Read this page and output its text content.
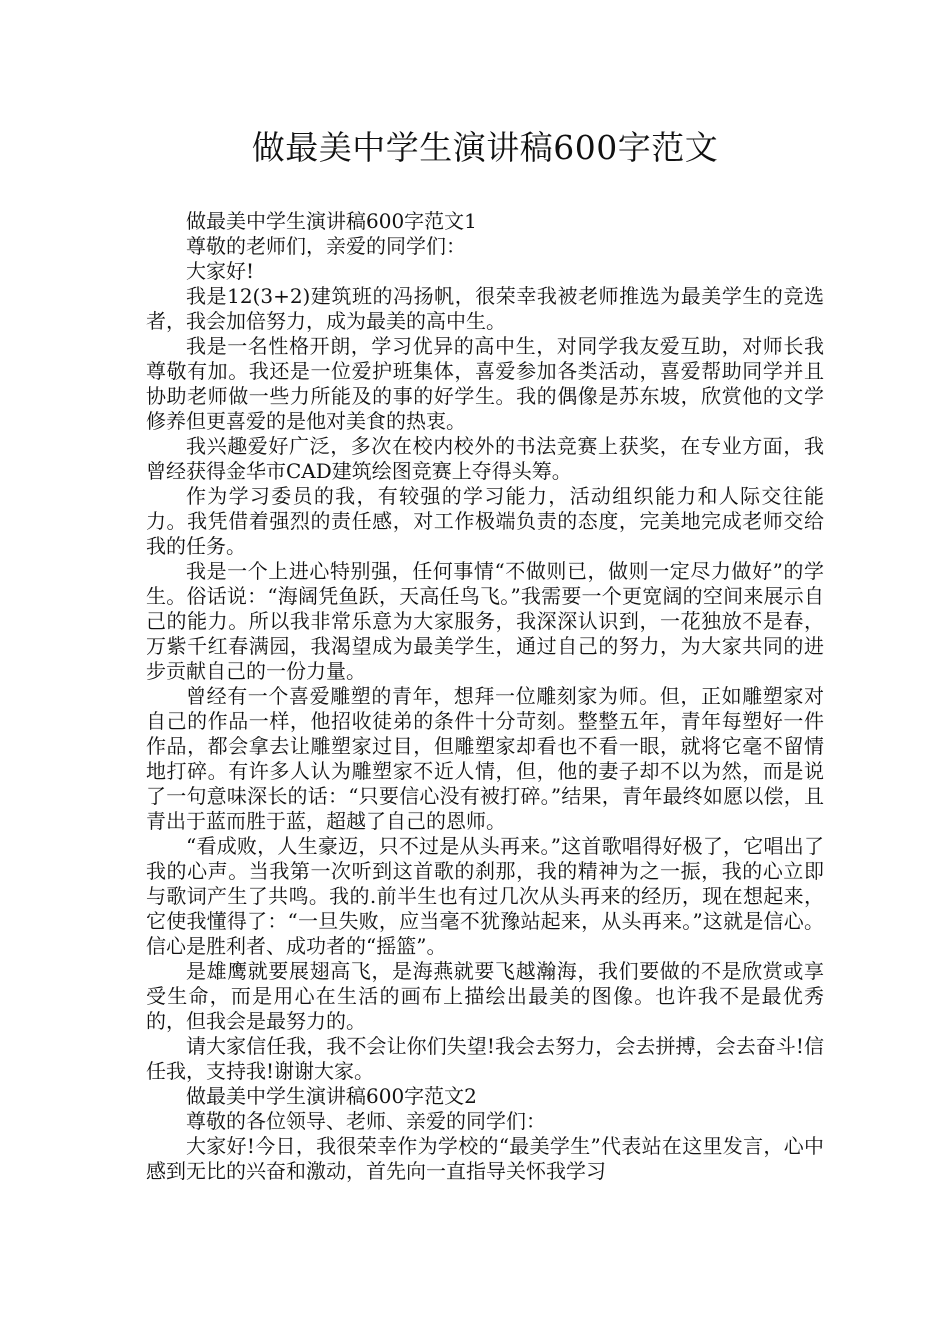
做最美中学生演讲稿600字范文

做最美中学生演讲稿600字范文1

尊敬的老师们，亲爱的同学们：

大家好!

我是12(3+2)建筑班的冯扬帆，很荣幸我被老师推选为最美学生的竞选者，我会加倍努力，成为最美的高中生。

我是一名性格开朗，学习优异的高中生，对同学我友爱互助，对师长我尊敬有加。我还是一位爱护班集体，喜爱参加各类活动，喜爱帮助同学并且协助老师做一些力所能及的事的好学生。我的偶像是苏东坡，欣赏他的文学修养但更喜爱的是他对美食的热衷。

我兴趣爱好广泛，多次在校内校外的书法竞赛上获奖，在专业方面，我曾经获得金华市CAD建筑绘图竞赛上夺得头筹。

作为学习委员的我，有较强的学习能力，活动组织能力和人际交往能力。我凭借着强烈的责任感，对工作极端负责的态度，完美地完成老师交给我的任务。

我是一个上进心特别强，任何事情“不做则已，做则一定尽力做好”的学生。俗话说：“海阔凭鱼跃，天高任鸟飞。”我需要一个更宽阔的空间来展示自己的能力。所以我非常乐意为大家服务，我深深认识到，一花独放不是春，万紫千红春满园，我渴望成为最美学生，通过自己的努力，为大家共同的进步贡献自己的一份力量。

曾经有一个喜爱雕塑的青年，想拜一位雕刻家为师。但，正如雕塑家对自己的作品一样，他招收徒弟的条件十分苛刻。整整五年，青年每塑好一件作品，都会拿去让雕塑家过目，但雕塑家却看也不看一眼，就将它毫不留情地打碎。有许多人认为雕塑家不近人情，但，他的妻子却不以为然，而是说了一句意味深长的话：“只要信心没有被打碎。”结果，青年最终如愿以偿，且青出于蓝而胜于蓝，超越了自己的恩师。

“看成败，人生豪迈，只不过是从头再来。”这首歌唱得好极了，它唱出了我的心声。当我第一次听到这首歌的刹那，我的精神为之一振，我的心立即与歌词产生了共鸣。我的.前半生也有过几次从头再来的经历，现在想起来，它使我懂得了：“一旦失败，应当毫不犹豫站起来，从头再来。”这就是信心。信心是胜利者、成功者的“摇篮”。

是雄鹰就要展翅高飞，是海燕就要飞越瀚海，我们要做的不是欣赏或享受生命，而是用心在生活的画布上描绘出最美的图像。也许我不是最优秀的，但我会是最努力的。

请大家信任我，我不会让你们失望!我会去努力，会去拼搏，会去奋斗!信任我，支持我!谢谢大家。

做最美中学生演讲稿600字范文2

尊敬的各位领导、老师、亲爱的同学们：

大家好!今日，我很荣幸作为学校的“最美学生”代表站在这里发言，心中感到无比的兴奋和激动，首先向一直指导关怀我学习
